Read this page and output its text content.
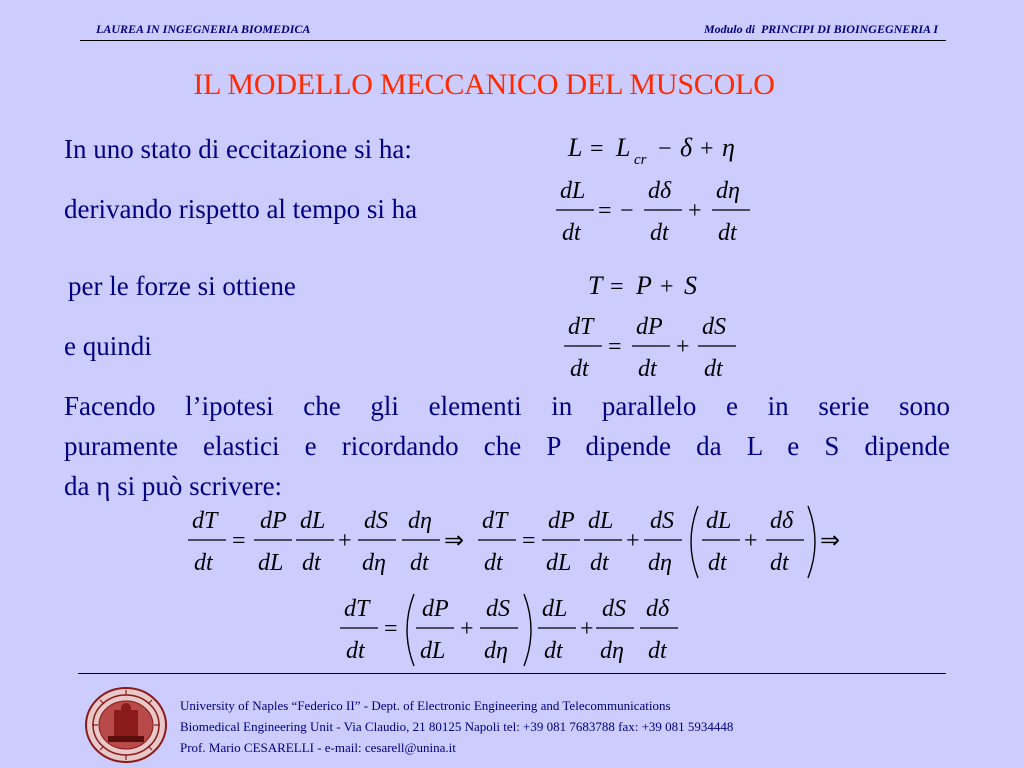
LAUREA IN INGEGNERIA BIOMEDICA	Modulo di PRINCIPI DI BIOINGEGNERIA I
IL MODELLO MECCANICO DEL MUSCOLO
In uno stato di eccitazione si ha:
derivando rispetto al tempo si ha
per le forze si ottiene
e quindi
L = L cr − δ + η
dL
dt
= −
dδ
dt
+
dη
dt
T = P + S
dT
dt
=
dP
dt
+
dS
dt
Facendo l’ipotesi che gli elementi in parallelo e in serie sono
puramente elastici e ricordando che P dipende da L e S dipende
da η si può scrivere:
dT
dt
dP
dL
dL
dt
dS
dη
dη
dt
dT
dt
dP
dL
dL
dt
dS
dη
dL
dt
dδ
dt
=	+	⇒ =	+	+	⇒
dT
dt
dP
dL
dS
dη
dL
dt
dS
dη
dδ
dt
=	+	+
University of Naples “Federico II” - Dept. of Electronic Engineering and Telecommunications
Biomedical Engineering Unit - Via Claudio, 21 80125 Napoli tel: +39 081 7683788 fax: +39 081 5934448
Prof. Mario CESARELLI - e-mail: cesarell@unina.it
